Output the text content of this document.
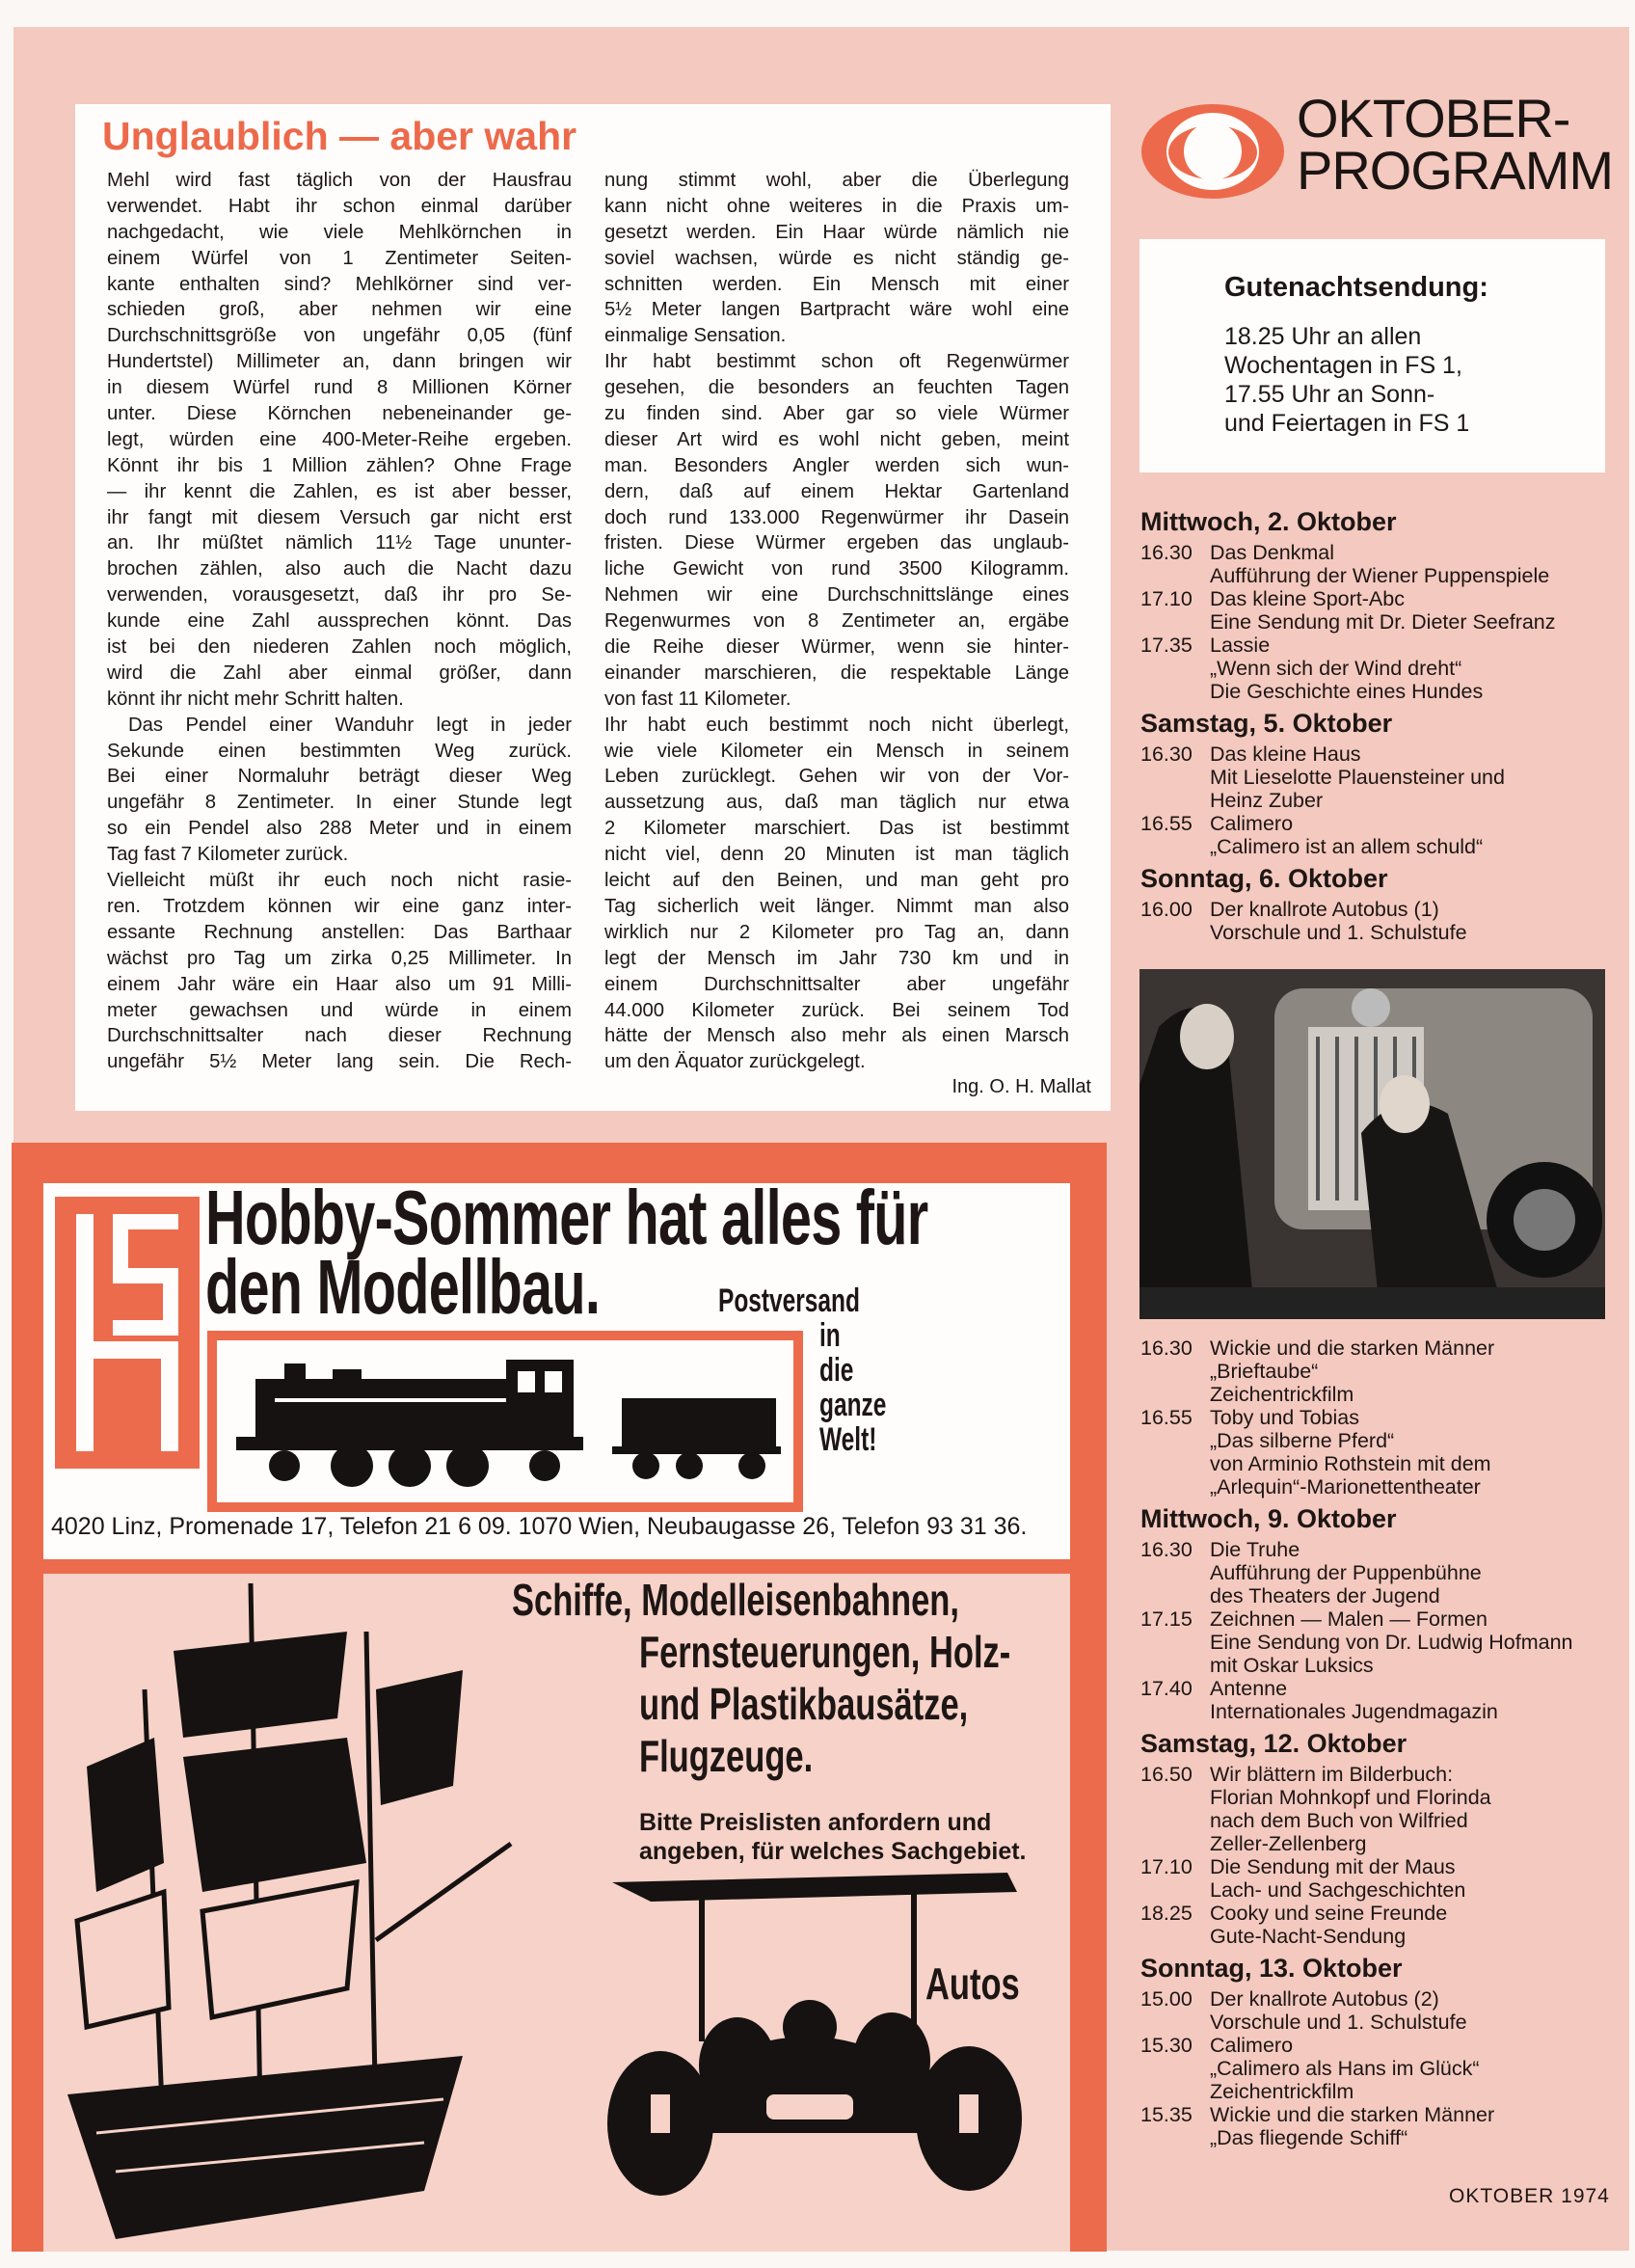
Unglaublich — aber wahr
Mehl wird fast täglich von der Hausfrau
verwendet. Habt ihr schon einmal darüber
nachgedacht, wie viele Mehlkörnchen in
einem Würfel von 1 Zentimeter Seiten-
kante enthalten sind? Mehlkörner sind ver-
schieden groß, aber nehmen wir eine
Durchschnittsgröße von ungefähr 0,05 (fünf
Hundertstel) Millimeter an, dann bringen wir
in diesem Würfel rund 8 Millionen Körner
unter. Diese Körnchen nebeneinander ge-
legt, würden eine 400-Meter-Reihe ergeben.
Könnt ihr bis 1 Million zählen? Ohne Frage
— ihr kennt die Zahlen, es ist aber besser,
ihr fangt mit diesem Versuch gar nicht erst
an. Ihr müßtet nämlich 11½ Tage ununter-
brochen zählen, also auch die Nacht dazu
verwenden, vorausgesetzt, daß ihr pro Se-
kunde eine Zahl aussprechen könnt. Das
ist bei den niederen Zahlen noch möglich,
wird die Zahl aber einmal größer, dann
könnt ihr nicht mehr Schritt halten.
Das Pendel einer Wanduhr legt in jeder
Sekunde einen bestimmten Weg zurück.
Bei einer Normaluhr beträgt dieser Weg
ungefähr 8 Zentimeter. In einer Stunde legt
so ein Pendel also 288 Meter und in einem
Tag fast 7 Kilometer zurück.
Vielleicht müßt ihr euch noch nicht rasie-
ren. Trotzdem können wir eine ganz inter-
essante Rechnung anstellen: Das Barthaar
wächst pro Tag um zirka 0,25 Millimeter. In
einem Jahr wäre ein Haar also um 91 Milli-
meter gewachsen und würde in einem
Durchschnittsalter nach dieser Rechnung
ungefähr 5½ Meter lang sein. Die Rech-
nung stimmt wohl, aber die Überlegung
kann nicht ohne weiteres in die Praxis um-
gesetzt werden. Ein Haar würde nämlich nie
soviel wachsen, würde es nicht ständig ge-
schnitten werden. Ein Mensch mit einer
5½ Meter langen Bartpracht wäre wohl eine
einmalige Sensation.
Ihr habt bestimmt schon oft Regenwürmer
gesehen, die besonders an feuchten Tagen
zu finden sind. Aber gar so viele Würmer
dieser Art wird es wohl nicht geben, meint
man. Besonders Angler werden sich wun-
dern, daß auf einem Hektar Gartenland
doch rund 133.000 Regenwürmer ihr Dasein
fristen. Diese Würmer ergeben das unglaub-
liche Gewicht von rund 3500 Kilogramm.
Nehmen wir eine Durchschnittslänge eines
Regenwurmes von 8 Zentimeter an, ergäbe
die Reihe dieser Würmer, wenn sie hinter-
einander marschieren, die respektable Länge
von fast 11 Kilometer.
Ihr habt euch bestimmt noch nicht überlegt,
wie viele Kilometer ein Mensch in seinem
Leben zurücklegt. Gehen wir von der Vor-
aussetzung aus, daß man täglich nur etwa
2 Kilometer marschiert. Das ist bestimmt
nicht viel, denn 20 Minuten ist man täglich
leicht auf den Beinen, und man geht pro
Tag sicherlich weit länger. Nimmt man also
wirklich nur 2 Kilometer pro Tag an, dann
legt der Mensch im Jahr 730 km und in
einem Durchschnittsalter aber ungefähr
44.000 Kilometer zurück. Bei seinem Tod
hätte der Mensch also mehr als einen Marsch
um den Äquator zurückgelegt.
Ing. O. H. Mallat
OKTOBER-
PROGRAMM
Gutenachtsendung:
18.25 Uhr an allen
Wochentagen in FS 1,
17.55 Uhr an Sonn-
und Feiertagen in FS 1
Mittwoch, 2. Oktober
16.30 Das Denkmal
Aufführung der Wiener Puppenspiele
17.10 Das kleine Sport-Abc
Eine Sendung mit Dr. Dieter Seefranz
17.35 Lassie
„Wenn sich der Wind dreht“
Die Geschichte eines Hundes
Samstag, 5. Oktober
16.30 Das kleine Haus
Mit Lieselotte Plauensteiner und
Heinz Zuber
16.55 Calimero
„Calimero ist an allem schuld“
Sonntag, 6. Oktober
16.00 Der knallrote Autobus (1)
Vorschule und 1. Schulstufe
16.30 Wickie und die starken Männer
„Brieftaube“
Zeichentrickfilm
16.55 Toby und Tobias
„Das silberne Pferd“
von Arminio Rothstein mit dem
„Arlequin“-Marionettentheater
Mittwoch, 9. Oktober
16.30 Die Truhe
Aufführung der Puppenbühne
des Theaters der Jugend
17.15 Zeichnen — Malen — Formen
Eine Sendung von Dr. Ludwig Hofmann
mit Oskar Luksics
17.40 Antenne
Internationales Jugendmagazin
Samstag, 12. Oktober
16.50 Wir blättern im Bilderbuch:
Florian Mohnkopf und Florinda
nach dem Buch von Wilfried
Zeller-Zellenberg
17.10 Die Sendung mit der Maus
Lach- und Sachgeschichten
18.25 Cooky und seine Freunde
Gute-Nacht-Sendung
Sonntag, 13. Oktober
15.00 Der knallrote Autobus (2)
Vorschule und 1. Schulstufe
15.30 Calimero
„Calimero als Hans im Glück“
Zeichentrickfilm
15.35 Wickie und die starken Männer
„Das fliegende Schiff“
Hobby-Sommer hat alles für
den Modellbau.	Postversand
in
die
ganze
Welt!
4020 Linz, Promenade 17, Telefon 21 6 09. 1070 Wien, Neubaugasse 26, Telefon 93 31 36.
Schiffe, Modelleisenbahnen,
Fernsteuerungen, Holz-
und Plastikbausätze,
Flugzeuge.
Bitte Preislisten anfordern und
angeben, für welches Sachgebiet.
Autos
OKTOBER 1974
